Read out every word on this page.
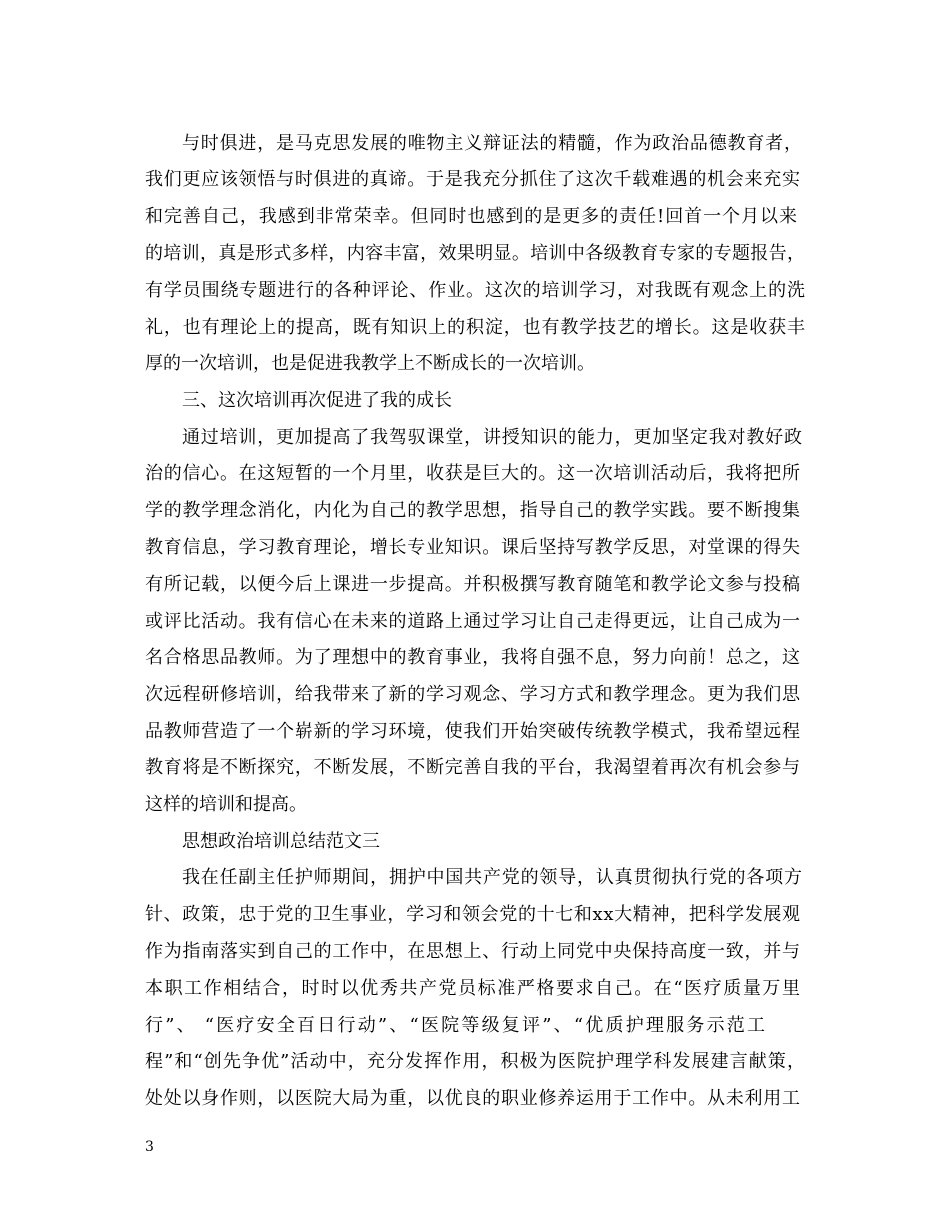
与时俱进，是马克思发展的唯物主义辩证法的精髓，作为政治品德教育者，

我们更应该领悟与时俱进的真谛。于是我充分抓住了这次千载难遇的机会来充实

和完善自己，我感到非常荣幸。但同时也感到的是更多的责任!回首一个月以来

的培训，真是形式多样，内容丰富，效果明显。培训中各级教育专家的专题报告，

有学员围绕专题进行的各种评论、作业。这次的培训学习，对我既有观念上的洗

礼，也有理论上的提高，既有知识上的积淀，也有教学技艺的增长。这是收获丰

厚的一次培训，也是促进我教学上不断成长的一次培训。

三、这次培训再次促进了我的成长

通过培训，更加提高了我驾驭课堂，讲授知识的能力，更加坚定我对教好政

治的信心。在这短暂的一个月里，收获是巨大的。这一次培训活动后，我将把所

学的教学理念消化，内化为自己的教学思想，指导自己的教学实践。要不断搜集

教育信息，学习教育理论，增长专业知识。课后坚持写教学反思，对堂课的得失

有所记载，以便今后上课进一步提高。并积极撰写教育随笔和教学论文参与投稿

或评比活动。我有信心在未来的道路上通过学习让自己走得更远，让自己成为一

名合格思品教师。为了理想中的教育事业，我将自强不息，努力向前！总之，这

次远程研修培训，给我带来了新的学习观念、学习方式和教学理念。更为我们思

品教师营造了一个崭新的学习环境，使我们开始突破传统教学模式，我希望远程

教育将是不断探究，不断发展，不断完善自我的平台，我渴望着再次有机会参与

这样的培训和提高。

思想政治培训总结范文三

我在任副主任护师期间，拥护中国共产党的领导，认真贯彻执行党的各项方

针、政策，忠于党的卫生事业，学习和领会党的十七和xx大精神，把科学发展观

作为指南落实到自己的工作中，在思想上、行动上同党中央保持高度一致，并与

本职工作相结合，时时以优秀共产党员标准严格要求自己。在“医疗质量万里

行”、 “医疗安全百日行动”、“医院等级复评”、“优质护理服务示范工

程”和“创先争优”活动中，充分发挥作用，积极为医院护理学科发展建言献策，

处处以身作则，以医院大局为重，以优良的职业修养运用于工作中。从未利用工

3
